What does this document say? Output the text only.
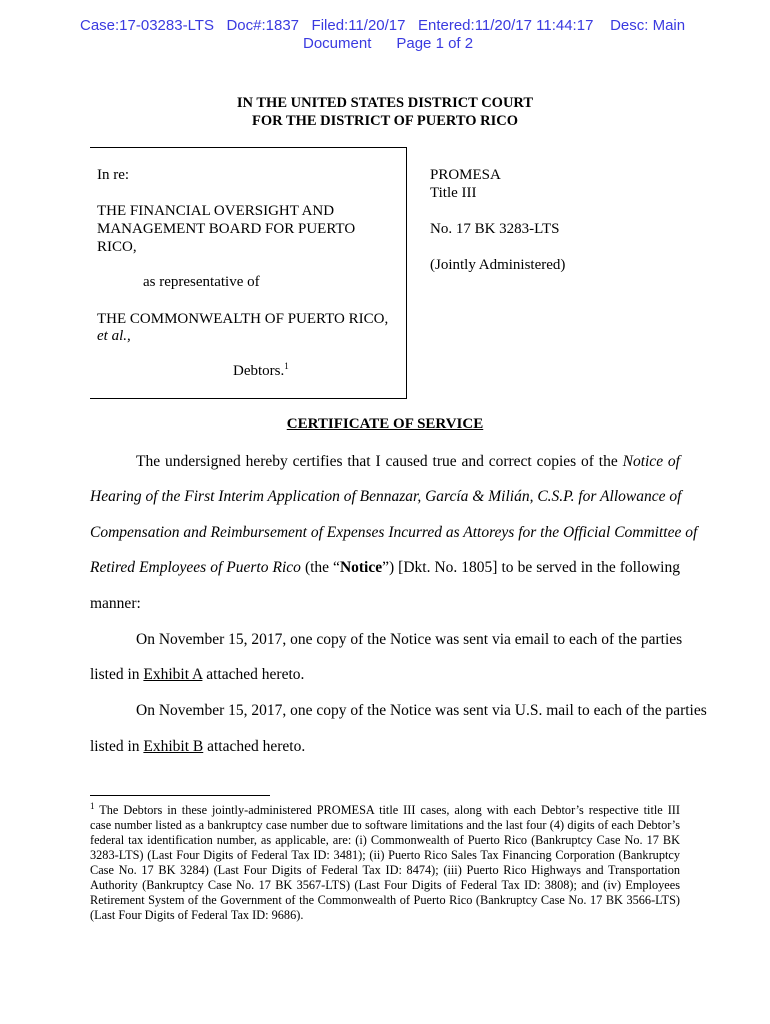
Case:17-03283-LTS   Doc#:1837   Filed:11/20/17   Entered:11/20/17 11:44:17    Desc: Main
Document      Page 1 of 2
IN THE UNITED STATES DISTRICT COURT
FOR THE DISTRICT OF PUERTO RICO
In re:
THE FINANCIAL OVERSIGHT AND
MANAGEMENT BOARD FOR PUERTO
RICO,
as representative of
THE COMMONWEALTH OF PUERTO RICO,
et al.,
Debtors.$^1$
PROMESA
Title III
No. 17 BK 3283-LTS
(Jointly Administered)
CERTIFICATE OF SERVICE
The undersigned hereby certifies that I caused true and correct copies of the Notice of
Hearing of the First Interim Application of Bennazar, García & Milián, C.S.P. for Allowance of
Compensation and Reimbursement of Expenses Incurred as Attoreys for the Official Committee of
Retired Employees of Puerto Rico (the “Notice”) [Dkt. No. 1805] to be served in the following
manner:
On November 15, 2017, one copy of the Notice was sent via email to each of the parties
listed in Exhibit A attached hereto.
On November 15, 2017, one copy of the Notice was sent via U.S. mail to each of the parties
listed in Exhibit B attached hereto.
$^1$ The Debtors in these jointly-administered PROMESA title III cases, along with each Debtor’s respective title III
case number listed as a bankruptcy case number due to software limitations and the last four (4) digits of each Debtor’s
federal tax identification number, as applicable, are: (i) Commonwealth of Puerto Rico (Bankruptcy Case No. 17 BK
3283-LTS) (Last Four Digits of Federal Tax ID: 3481); (ii) Puerto Rico Sales Tax Financing Corporation (Bankruptcy
Case No. 17 BK 3284) (Last Four Digits of Federal Tax ID: 8474); (iii) Puerto Rico Highways and Transportation
Authority (Bankruptcy Case No. 17 BK 3567-LTS) (Last Four Digits of Federal Tax ID: 3808); and (iv) Employees
Retirement System of the Government of the Commonwealth of Puerto Rico (Bankruptcy Case No. 17 BK 3566-LTS)
(Last Four Digits of Federal Tax ID: 9686).
